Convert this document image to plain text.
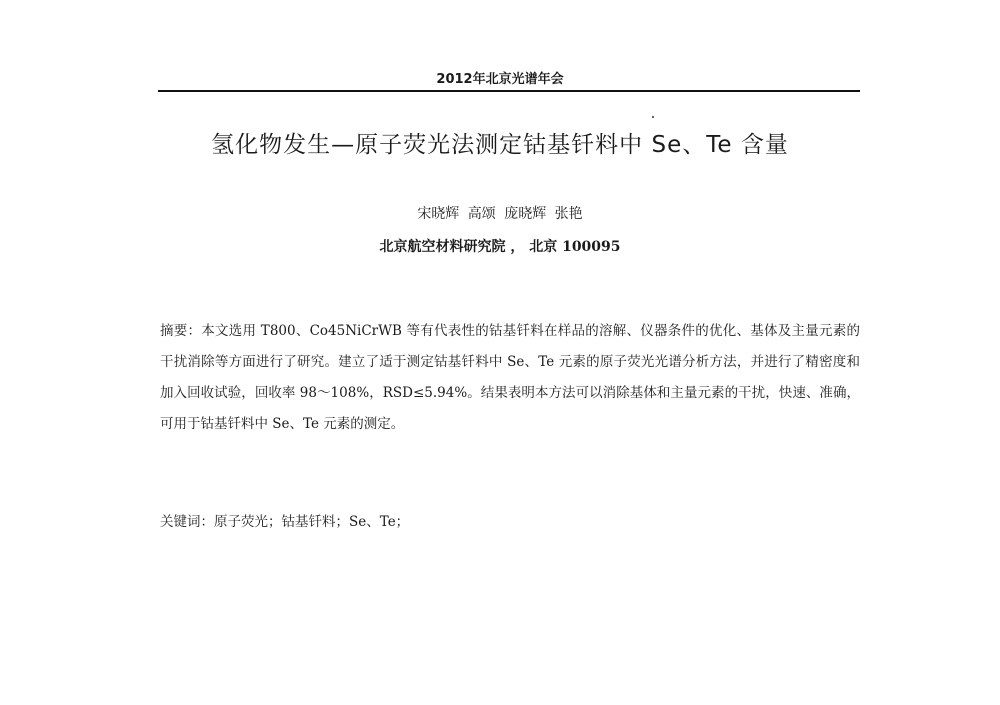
2012年北京光谱年会
氢化物发生—原子荧光法测定钴基钎料中 Se、Te 含量
宋晓辉 高颂 庞晓辉 张艳
北京航空材料研究院 ， 北京 100095
摘要：本文选用 T800、Co45NiCrWB 等有代表性的钴基钎料在样品的溶解、仪器条件的优化、基体及主量元素的干扰消除等方面进行了研究。建立了适于测定钴基钎料中 Se、Te 元素的原子荧光光谱分析方法，并进行了精密度和加入回收试验，回收率 98～108%，RSD≤5.94%。结果表明本方法可以消除基体和主量元素的干扰，快速、准确，可用于钴基钎料中 Se、Te 元素的测定。
关键词：原子荧光；钴基钎料；Se、Te；
